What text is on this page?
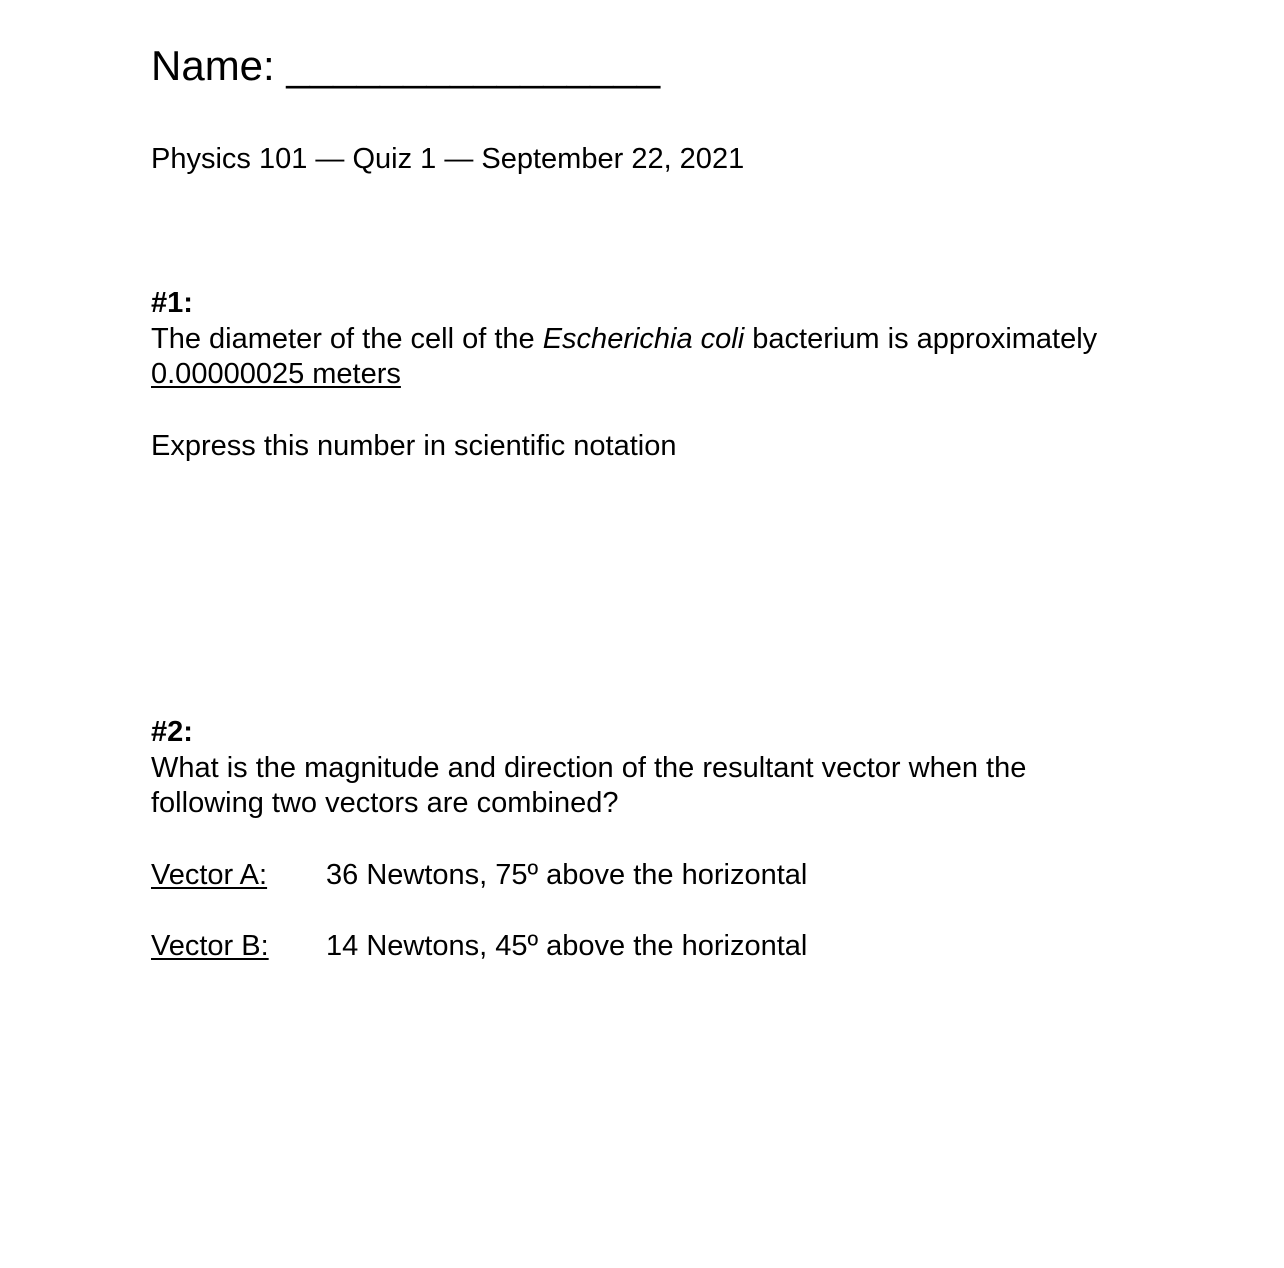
Name: ________________
Physics 101 — Quiz 1 — September 22, 2021
#1:
The diameter of the cell of the Escherichia coli bacterium is approximately
0.00000025 meters
Express this number in scientific notation
#2:
What is the magnitude and direction of the resultant vector when the
following two vectors are combined?
Vector A: 36 Newtons, 75º above the horizontal
Vector B: 14 Newtons, 45º above the horizontal
